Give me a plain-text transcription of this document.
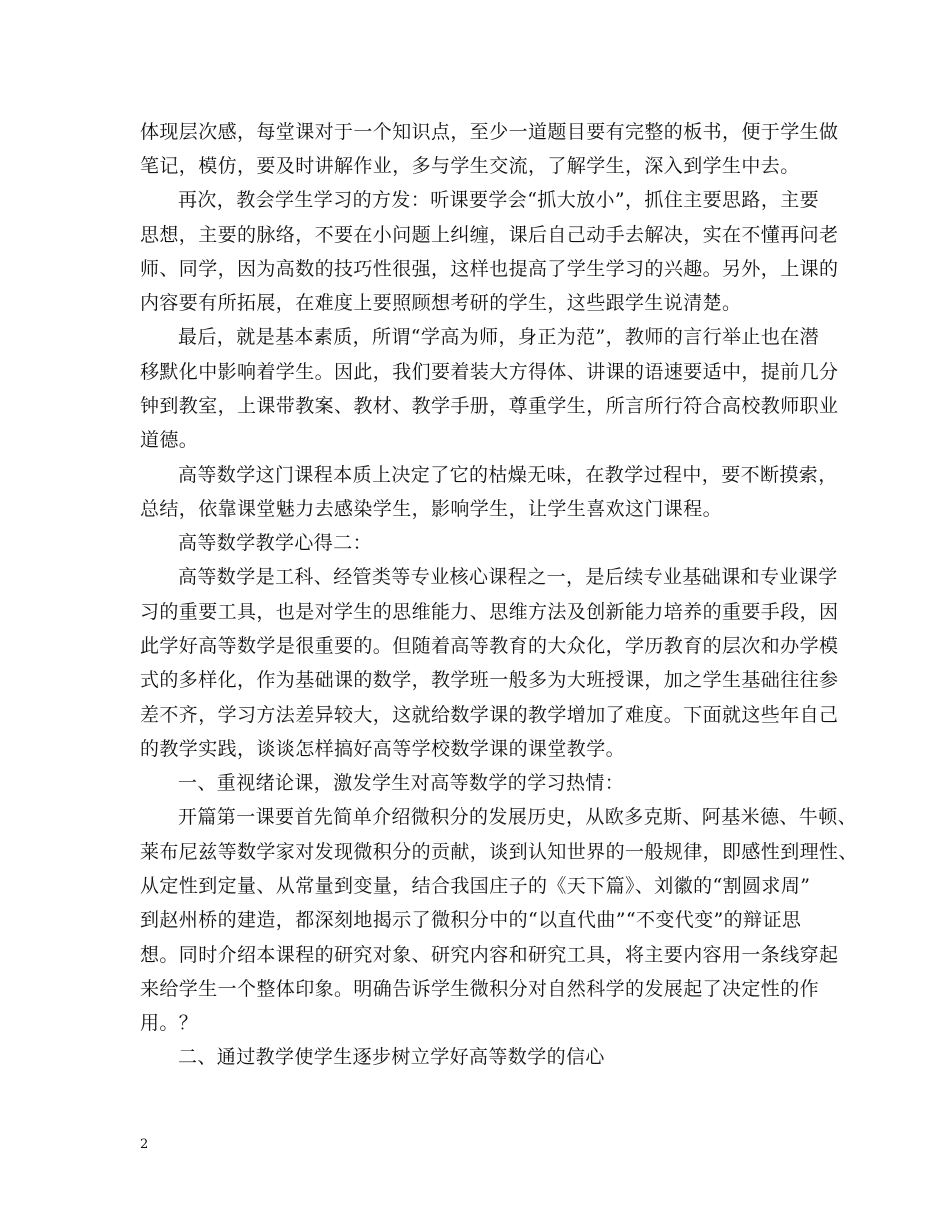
体现层次感，每堂课对于一个知识点，至少一道题目要有完整的板书，便于学生做
笔记，模仿，要及时讲解作业，多与学生交流，了解学生，深入到学生中去。
再次，教会学生学习的方发：听课要学会“抓大放小”，抓住主要思路，主要
思想，主要的脉络，不要在小问题上纠缠，课后自己动手去解决，实在不懂再问老
师、同学，因为高数的技巧性很强，这样也提高了学生学习的兴趣。另外，上课的
内容要有所拓展，在难度上要照顾想考研的学生，这些跟学生说清楚。
最后，就是基本素质，所谓“学高为师，身正为范”，教师的言行举止也在潜
移默化中影响着学生。因此，我们要着装大方得体、讲课的语速要适中，提前几分
钟到教室，上课带教案、教材、教学手册，尊重学生，所言所行符合高校教师职业
道德。
高等数学这门课程本质上决定了它的枯燥无味，在教学过程中，要不断摸索，
总结，依靠课堂魅力去感染学生，影响学生，让学生喜欢这门课程。
高等数学教学心得二：
高等数学是工科、经管类等专业核心课程之一，是后续专业基础课和专业课学
习的重要工具，也是对学生的思维能力、思维方法及创新能力培养的重要手段，因
此学好高等数学是很重要的。但随着高等教育的大众化，学历教育的层次和办学模
式的多样化，作为基础课的数学，教学班一般多为大班授课，加之学生基础往往参
差不齐，学习方法差异较大，这就给数学课的教学增加了难度。下面就这些年自己
的教学实践，谈谈怎样搞好高等学校数学课的课堂教学。
一、重视绪论课，激发学生对高等数学的学习热情：
开篇第一课要首先简单介绍微积分的发展历史，从欧多克斯、阿基米德、牛顿、
莱布尼兹等数学家对发现微积分的贡献，谈到认知世界的一般规律，即感性到理性、
从定性到定量、从常量到变量，结合我国庄子的《天下篇》、刘徽的“割圆求周”
到赵州桥的建造，都深刻地揭示了微积分中的“以直代曲”“不变代变”的辩证思
想。同时介绍本课程的研究对象、研究内容和研究工具，将主要内容用一条线穿起
来给学生一个整体印象。明确告诉学生微积分对自然科学的发展起了决定性的作
用。？
二、通过教学使学生逐步树立学好高等数学的信心
2
